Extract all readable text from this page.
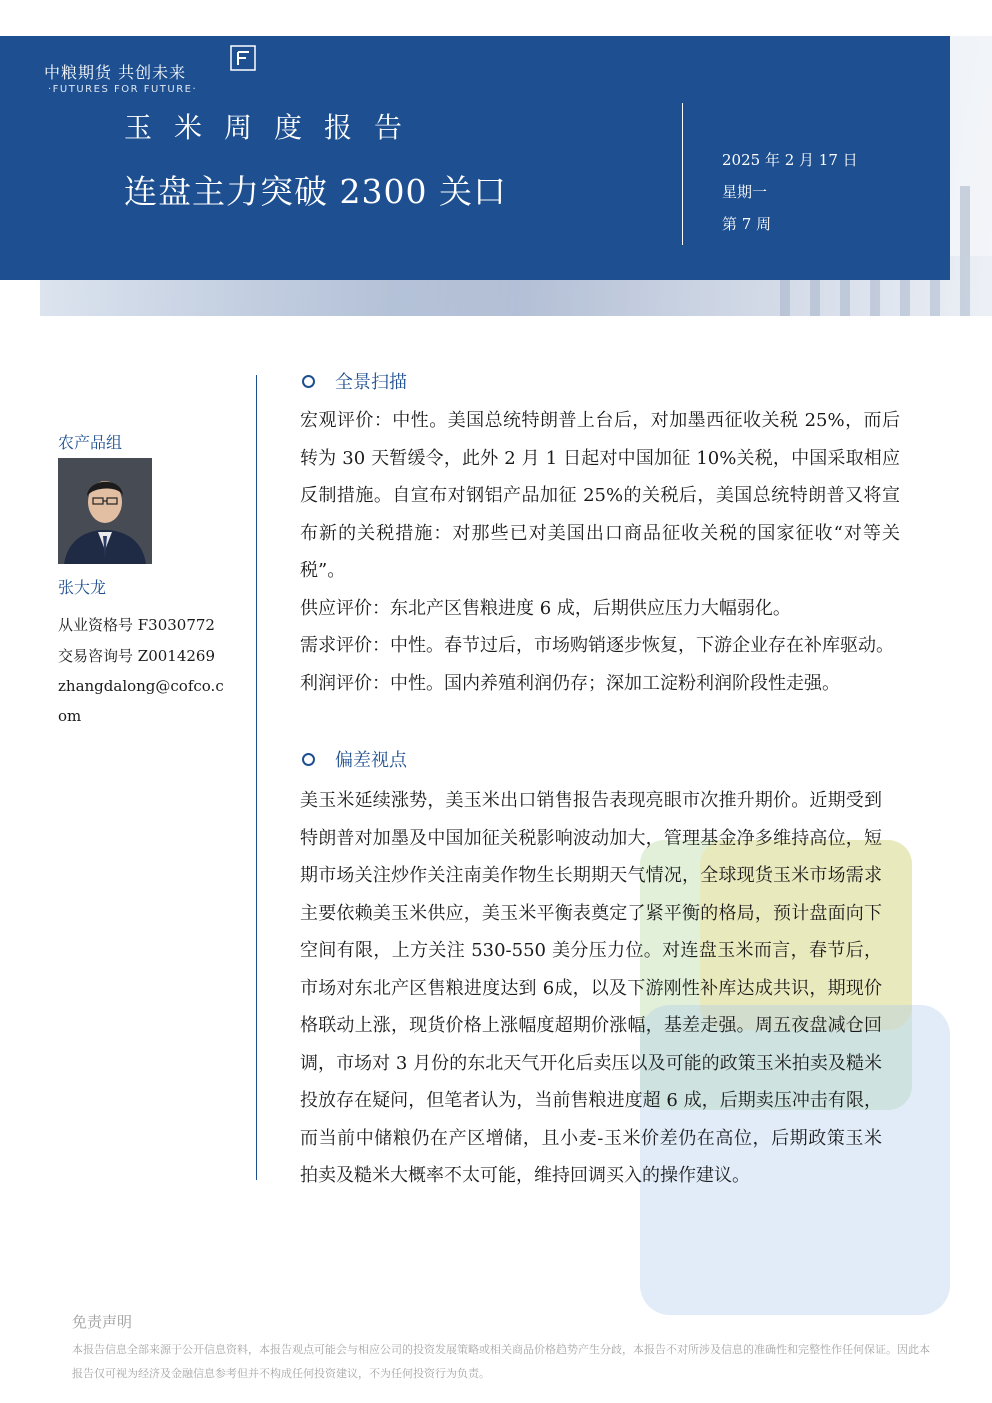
中粮期货 共创未来
·FUTURES FOR FUTURE·
玉米周度报告
连盘主力突破 2300 关口
2025 年 2 月 17 日
星期一
第 7 周
农产品组
张大龙
从业资格号 F3030772
交易咨询号 Z0014269
zhangdalong@cofco.c
om
全景扫描

宏观评价：中性。美国总统特朗普上台后，对加墨西征收关税 25%，而后转为 30 天暂缓令，此外 2 月 1 日起对中国加征 10%关税，中国采取相应反制措施。自宣布对钢铝产品加征 25%的关税后，美国总统特朗普又将宣布新的关税措施：对那些已对美国出口商品征收关税的国家征收“对等关税”。

供应评价：东北产区售粮进度 6 成，后期供应压力大幅弱化。

需求评价：中性。春节过后，市场购销逐步恢复，下游企业存在补库驱动。

利润评价：中性。国内养殖利润仍存；深加工淀粉利润阶段性走强。

偏差视点

美玉米延续涨势，美玉米出口销售报告表现亮眼市次推升期价。近期受到特朗普对加墨及中国加征关税影响波动加大，管理基金净多维持高位，短期市场关注炒作关注南美作物生长期期天气情况，全球现货玉米市场需求主要依赖美玉米供应，美玉米平衡表奠定了紧平衡的格局，预计盘面向下空间有限，上方关注 530-550 美分压力位。对连盘玉米而言，春节后，市场对东北产区售粮进度达到 6成，以及下游刚性补库达成共识，期现价格联动上涨，现货价格上涨幅度超期价涨幅，基差走强。周五夜盘减仓回调，市场对 3 月份的东北天气开化后卖压以及可能的政策玉米拍卖及糙米投放存在疑问，但笔者认为，当前售粮进度超 6 成，后期卖压冲击有限，而当前中储粮仍在产区增储，且小麦-玉米价差仍在高位，后期政策玉米拍卖及糙米大概率不太可能，维持回调买入的操作建议。

免责声明
本报告信息全部来源于公开信息资料，本报告观点可能会与相应公司的投资发展策略或相关商品价格趋势产生分歧，本报告不对所涉及信息的准确性和完整性作任何保证。因此本报告仅可视为经济及金融信息参考但并不构成任何投资建议，不为任何投资行为负责。
